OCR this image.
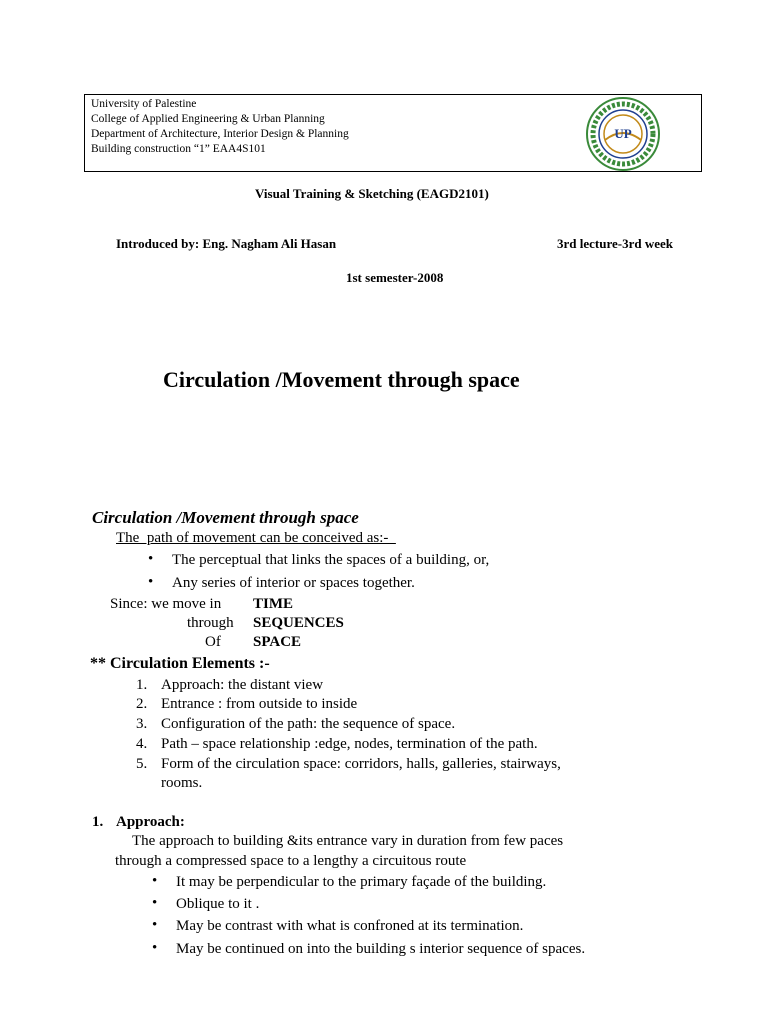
University of Palestine
College of Applied Engineering & Urban Planning
Department of Architecture, Interior Design & Planning
Building construction “1” EAA4S101
UP
Visual Training & Sketching (EAGD2101)
Introduced by: Eng. Nagham Ali Hasan	3rd lecture-3rd week
1st semester-2008
Circulation /Movement through space
Circulation /Movement through space
The  path of movement can be conceived as:-
• The perceptual that links the spaces of a building, or,
• Any series of interior or spaces together.
Since: we move in TIME
through SEQUENCES
Of SPACE
** Circulation Elements :-
1. Approach: the distant view
2. Entrance : from outside to inside
3. Configuration of the path: the sequence of space.
4. Path – space relationship :edge, nodes, termination of the path.
5. Form of the circulation space: corridors, halls, galleries, stairways,
rooms.
1. Approach:
The approach to building &its entrance vary in duration from few paces
through a compressed space to a lengthy a circuitous route
• It may be perpendicular to the primary façade of the building.
• Oblique to it .
• May be contrast with what is confroned at its termination.
• May be continued on into the building s interior sequence of spaces.
